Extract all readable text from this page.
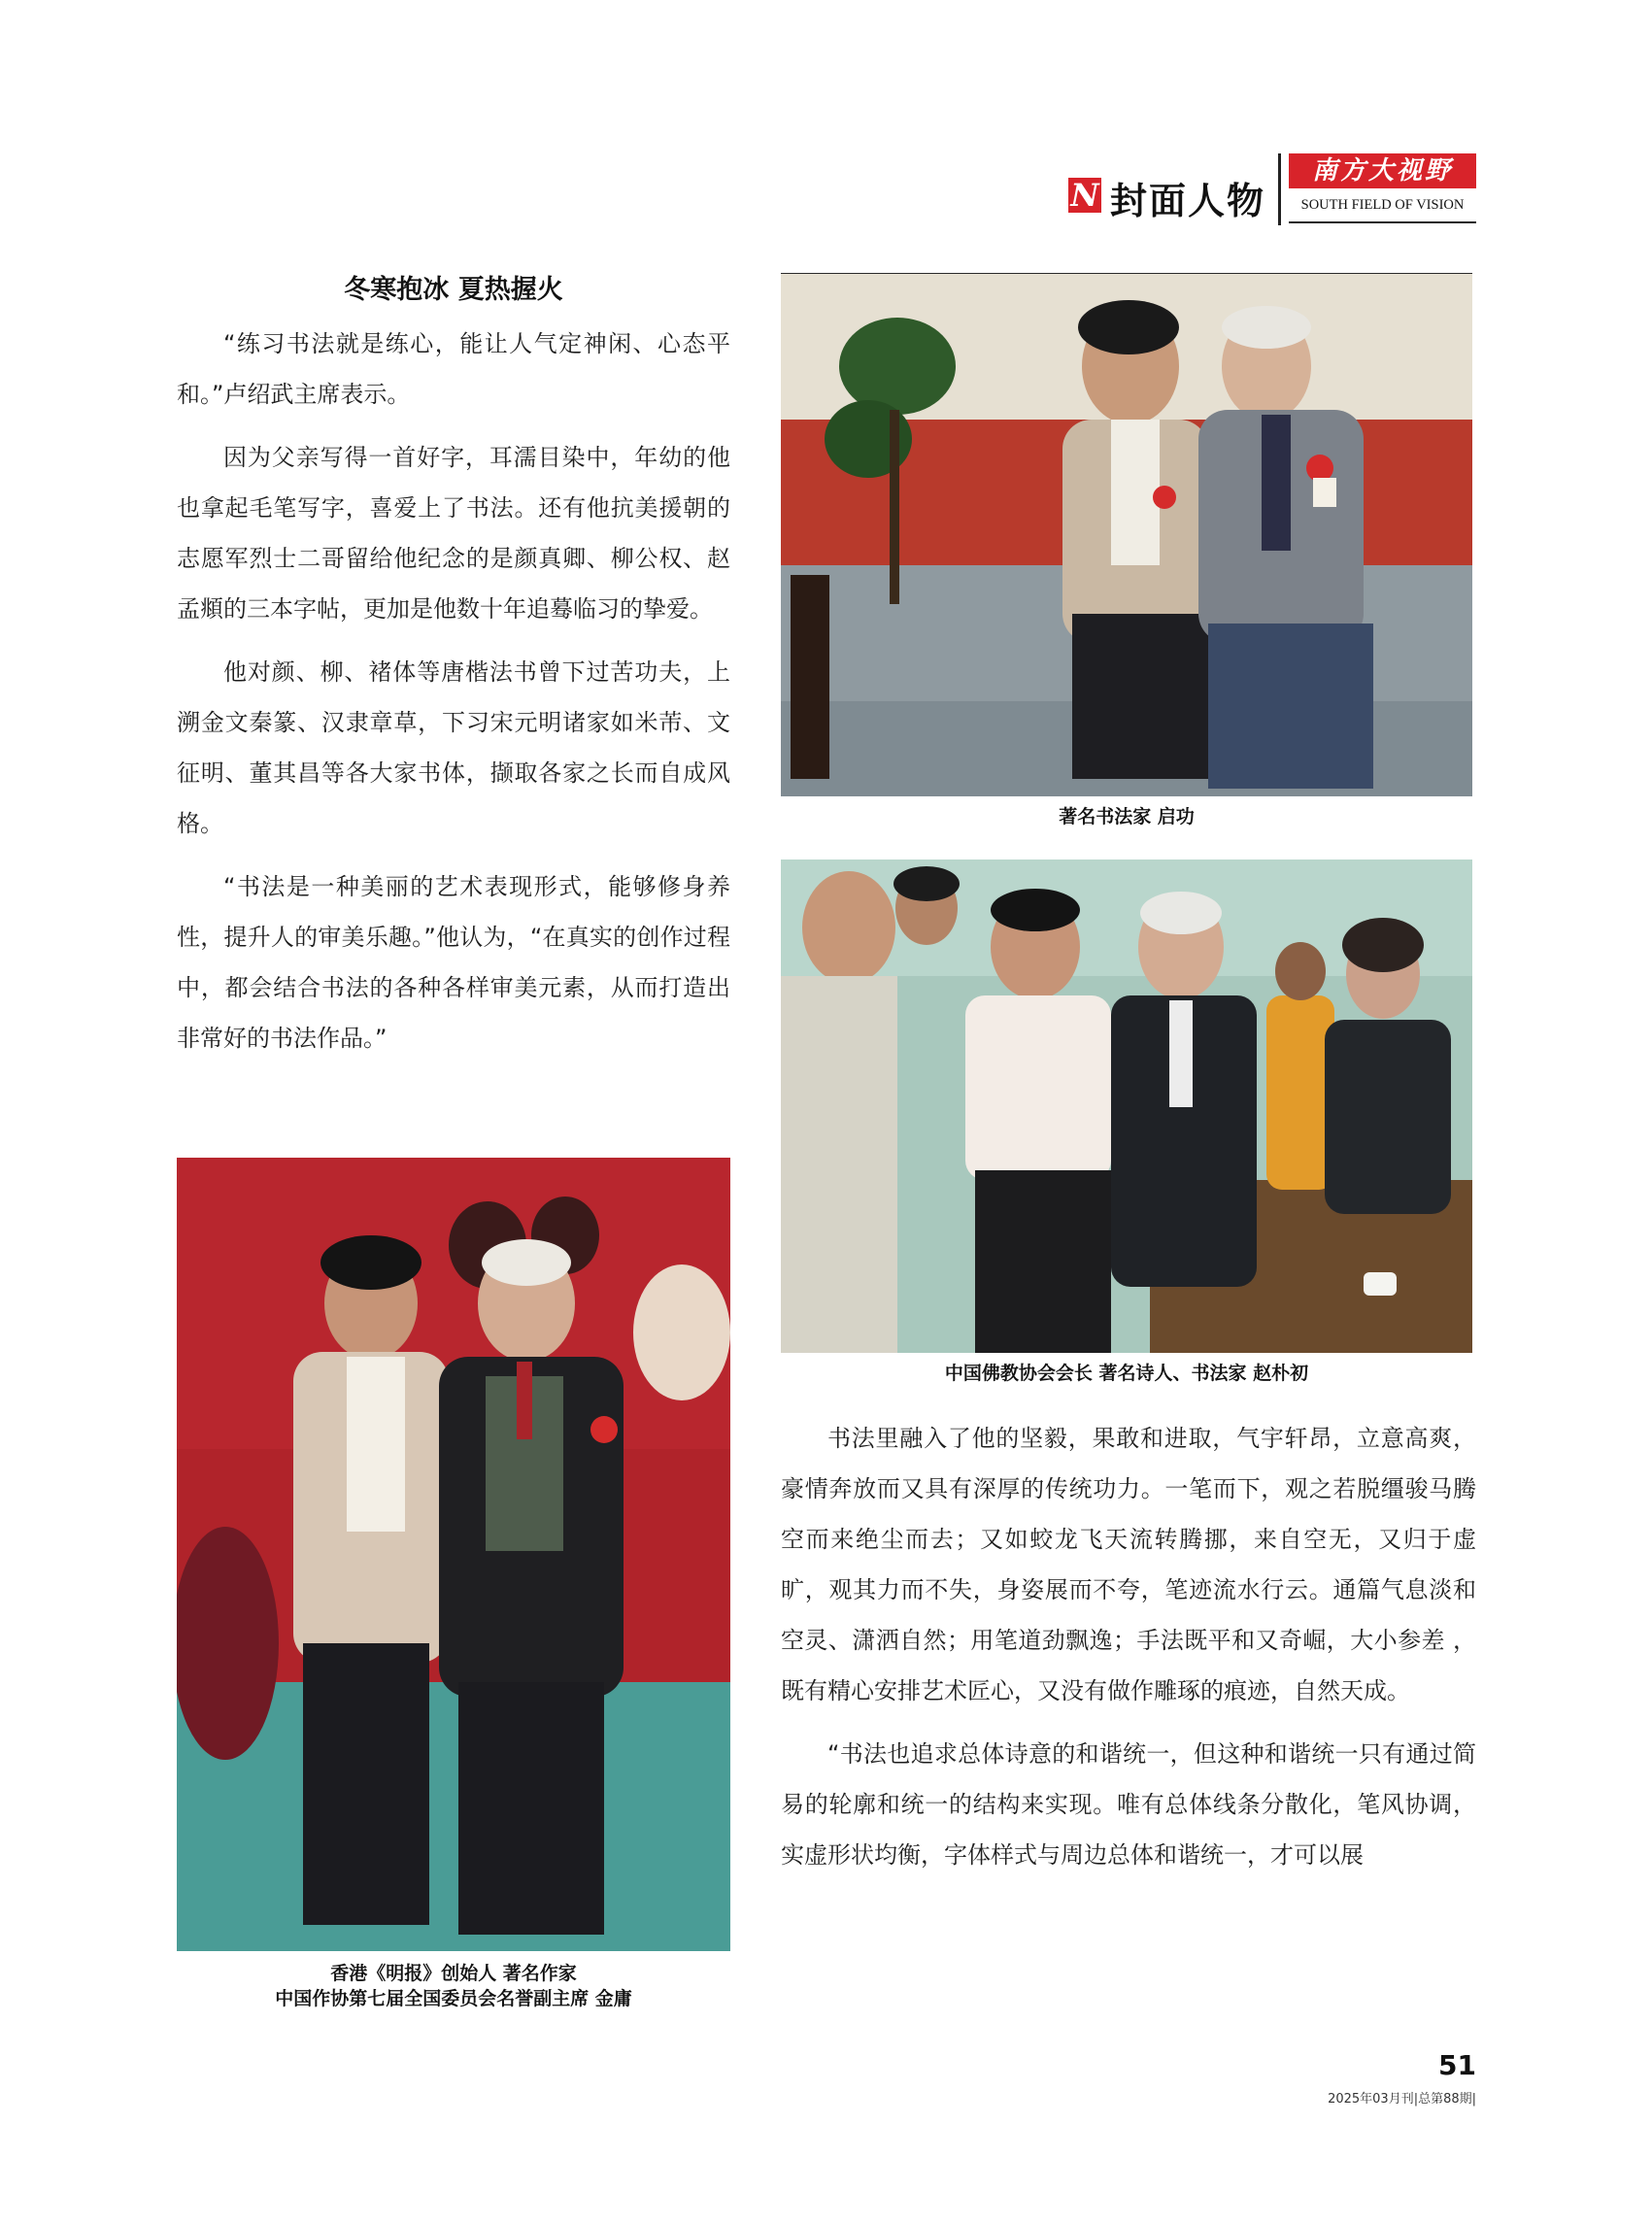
N 封面人物
南方大视野
SOUTH FIELD OF VISION
冬寒抱冰 夏热握火

“练习书法就是练心，能让人气定神闲、心态平和。”卢绍武主席表示。

因为父亲写得一首好字，耳濡目染中，年幼的他也拿起毛笔写字，喜爱上了书法。还有他抗美援朝的志愿军烈士二哥留给他纪念的是颜真卿、柳公权、赵孟頫的三本字帖，更加是他数十年追蓦临习的挚爱。

他对颜、柳、褚体等唐楷法书曾下过苦功夫，上溯金文秦篆、汉隶章草，下习宋元明诸家如米芾、文征明、董其昌等各大家书体，撷取各家之长而自成风格。

“书法是一种美丽的艺术表现形式，能够修身养性，提升人的审美乐趣。”他认为，“在真实的创作过程中，都会结合书法的各种各样审美元素，从而打造出非常好的书法作品。”

著名书法家 启功
中国佛教协会会长 著名诗人、书法家 赵朴初
香港《明报》创始人 著名作家
中国作协第七届全国委员会名誉副主席 金庸

书法里融入了他的坚毅，果敢和进取，气宇轩昂，立意高爽，豪情奔放而又具有深厚的传统功力。一笔而下，观之若脱缰骏马腾空而来绝尘而去；又如蛟龙飞天流转腾挪，来自空无，又归于虚旷，观其力而不失，身姿展而不夸，笔迹流水行云。通篇气息淡和空灵、潇洒自然；用笔道劲飘逸；手法既平和又奇崛，大小参差 ，既有精心安排艺术匠心，又没有做作雕琢的痕迹，自然天成。

“书法也追求总体诗意的和谐统一，但这种和谐统一只有通过简易的轮廓和统一的结构来实现。唯有总体线条分散化，笔风协调，实虚形状均衡，字体样式与周边总体和谐统一，才可以展

51
2025年03月刊|总第88期|
